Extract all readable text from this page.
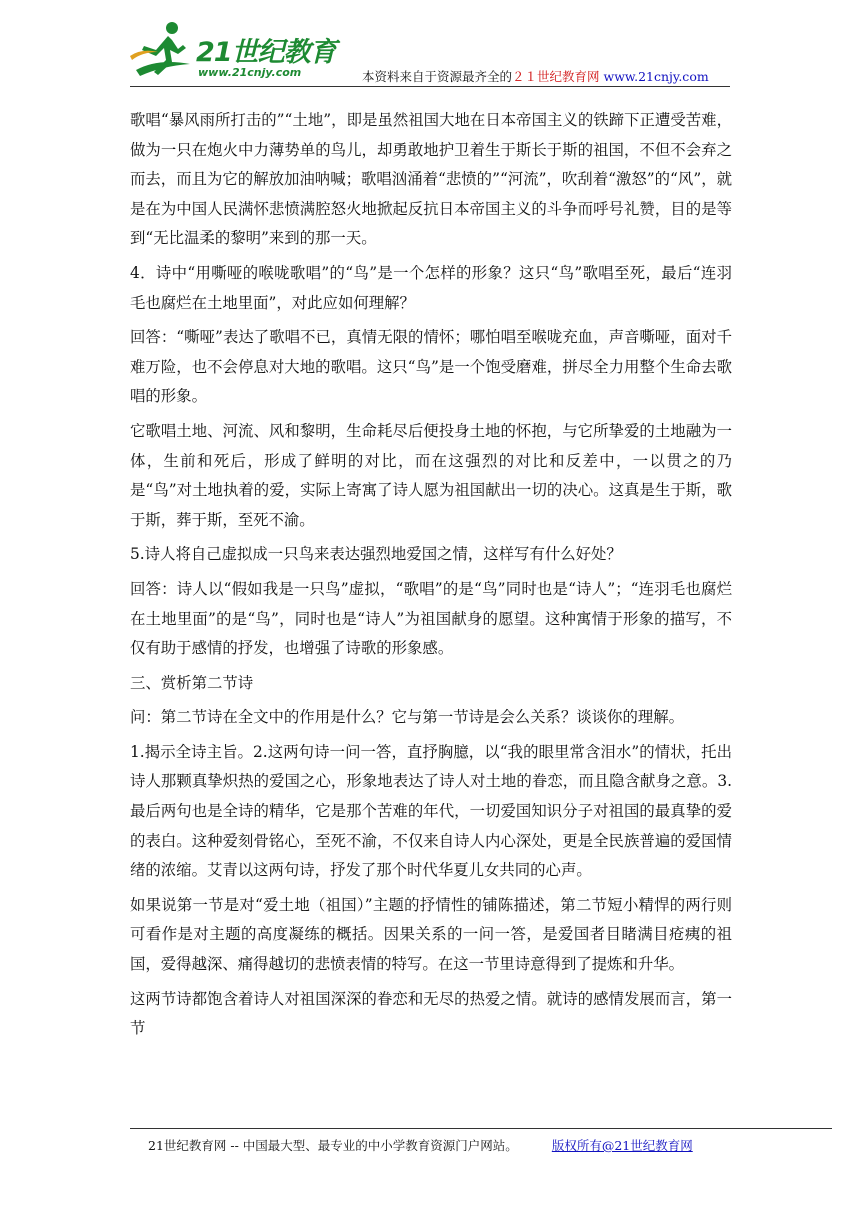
21世纪教育
www.21cnjy.com	本资料来自于资源最齐全的２１世纪教育网 www.21cnjy.com

歌唱“暴风雨所打击的”“土地”，即是虽然祖国大地在日本帝国主义的铁蹄下正遭受苦难，做为一只在炮火中力薄势单的鸟儿，却勇敢地护卫着生于斯长于斯的祖国，不但不会弃之而去，而且为它的解放加油呐喊；歌唱汹涌着“悲愤的”“河流”，吹刮着“激怒”的“风”，就是在为中国人民满怀悲愤满腔怒火地掀起反抗日本帝国主义的斗争而呼号礼赞，目的是等到“无比温柔的黎明”来到的那一天。

4．诗中“用嘶哑的喉咙歌唱”的“鸟”是一个怎样的形象？这只“鸟”歌唱至死，最后“连羽毛也腐烂在土地里面”，对此应如何理解？

回答：“嘶哑”表达了歌唱不已，真情无限的情怀；哪怕唱至喉咙充血，声音嘶哑，面对千难万险，也不会停息对大地的歌唱。这只“鸟”是一个饱受磨难，拼尽全力用整个生命去歌唱的形象。

它歌唱土地、河流、风和黎明，生命耗尽后便投身土地的怀抱，与它所挚爱的土地融为一体，生前和死后，形成了鲜明的对比，而在这强烈的对比和反差中，一以贯之的乃是“鸟”对土地执着的爱，实际上寄寓了诗人愿为祖国献出一切的决心。这真是生于斯，歌于斯，葬于斯，至死不渝。

5.诗人将自己虚拟成一只鸟来表达强烈地爱国之情，这样写有什么好处？

回答：诗人以“假如我是一只鸟”虚拟，“歌唱”的是“鸟”同时也是“诗人”；“连羽毛也腐烂在土地里面”的是“鸟”，同时也是“诗人”为祖国献身的愿望。这种寓情于形象的描写，不仅有助于感情的抒发，也增强了诗歌的形象感。

三、赏析第二节诗

问：第二节诗在全文中的作用是什么？它与第一节诗是会么关系？谈谈你的理解。

1.揭示全诗主旨。2.这两句诗一问一答，直抒胸臆，以“我的眼里常含泪水”的情状，托出诗人那颗真挚炽热的爱国之心，形象地表达了诗人对土地的眷恋，而且隐含献身之意。3.最后两句也是全诗的精华，它是那个苦难的年代，一切爱国知识分子对祖国的最真挚的爱的表白。这种爱刻骨铭心，至死不渝，不仅来自诗人内心深处，更是全民族普遍的爱国情绪的浓缩。艾青以这两句诗，抒发了那个时代华夏儿女共同的心声。

如果说第一节是对“爱土地（祖国）”主题的抒情性的铺陈描述，第二节短小精悍的两行则可看作是对主题的高度凝练的概括。因果关系的一问一答，是爱国者目睹满目疮痍的祖国，爱得越深、痛得越切的悲愤表情的特写。在这一节里诗意得到了提炼和升华。

这两节诗都饱含着诗人对祖国深深的眷恋和无尽的热爱之情。就诗的感情发展而言，第一节

21世纪教育网 -- 中国最大型、最专业的中小学教育资源门户网站。	版权所有@21世纪教育网
